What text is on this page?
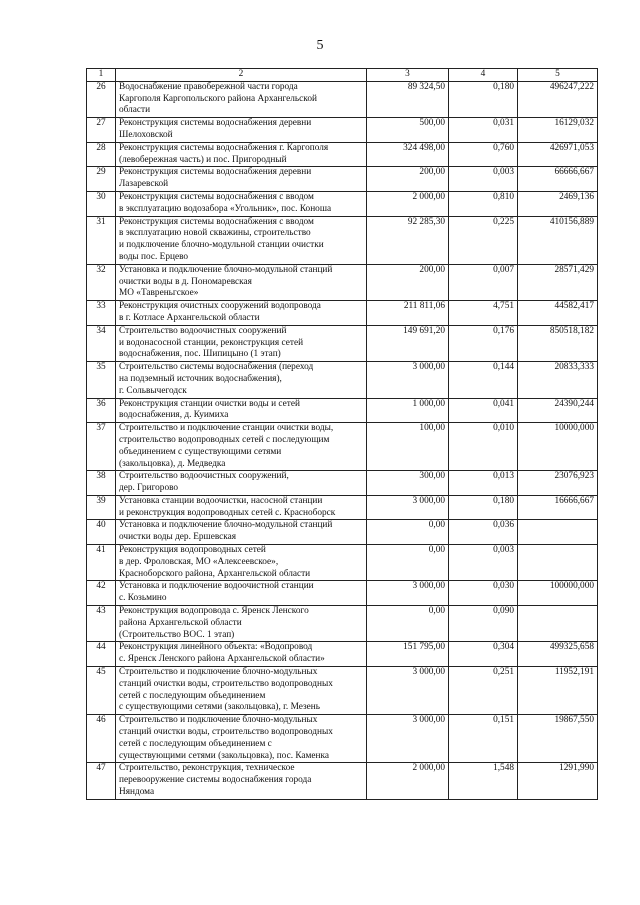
5
1	2	3	4	5
26	Водоснабжение правобережной части города
Каргополя Каргопольского района Архангельской
области	89 324,50	0,180	496247,222
27	Реконструкция системы водоснабжения деревни
Шелоховской	500,00	0,031	16129,032
28	Реконструкция системы водоснабжения г. Каргополя
(левобережная часть) и пос. Пригородный	324 498,00	0,760	426971,053
29	Реконструкция системы водоснабжения деревни
Лазаревской	200,00	0,003	66666,667
30	Реконструкция системы водоснабжения с вводом
в эксплуатацию водозабора «Угольник», пос. Коноша	2 000,00	0,810	2469,136
31	Реконструкция системы водоснабжения с вводом
в эксплуатацию новой скважины, строительство
и подключение блочно-модульной станции очистки
воды пос. Ерцево	92 285,30	0,225	410156,889
32	Установка и подключение блочно-модульной станций
очистки воды в д. Пономаревская
МО «Тавреньгское»	200,00	0,007	28571,429
33	Реконструкция очистных сооружений водопровода
в г. Котласе Архангельской области	211 811,06	4,751	44582,417
34	Строительство водоочистных сооружений
и водонасосной станции, реконструкция сетей
водоснабжения, пос. Шипицыно (1 этап)	149 691,20	0,176	850518,182
35	Строительство системы водоснабжения (переход
на подземный источник водоснабжения),
г. Сольвычегодск	3 000,00	0,144	20833,333
36	Реконструкция станции очистки воды и сетей
водоснабжения, д. Куимиха	1 000,00	0,041	24390,244
37	Строительство и подключение станции очистки воды,
строительство водопроводных сетей с последующим
объединением с существующими сетями
(закольцовка), д. Медведка	100,00	0,010	10000,000
38	Строительство водоочистных сооружений,
дер. Григорово	300,00	0,013	23076,923
39	Установка станции водоочистки, насосной станции
и реконструкция водопроводных сетей с. Красноборск	3 000,00	0,180	16666,667
40	Установка и подключение блочно-модульной станций
очистки воды дер. Ершевская	0,00	0,036	
41	Реконструкция водопроводных сетей
в дер. Фроловская, МО «Алексеевское»,
Красноборского района, Архангельской области	0,00	0,003	
42	Установка и подключение водоочистной станции
с. Козьмино	3 000,00	0,030	100000,000
43	Реконструкция водопровода с. Яренск Ленского
района Архангельской области
(Строительство ВОС. 1 этап)	0,00	0,090	
44	Реконструкция линейного объекта: «Водопровод
с. Яренск Ленского района Архангельской области»	151 795,00	0,304	499325,658
45	Строительство и подключение блочно-модульных
станций очистки воды, строительство водопроводных
сетей с последующим объединением
с существующими сетями (закольцовка), г. Мезень	3 000,00	0,251	11952,191
46	Строительство и подключение блочно-модульных
станций очистки воды, строительство водопроводных
сетей с последующим объединением с
существующими сетями (закольцовка), пос. Каменка	3 000,00	0,151	19867,550
47	Строительство, реконструкция, техническое
перевооружение системы водоснабжения города
Няндома	2 000,00	1,548	1291,990
